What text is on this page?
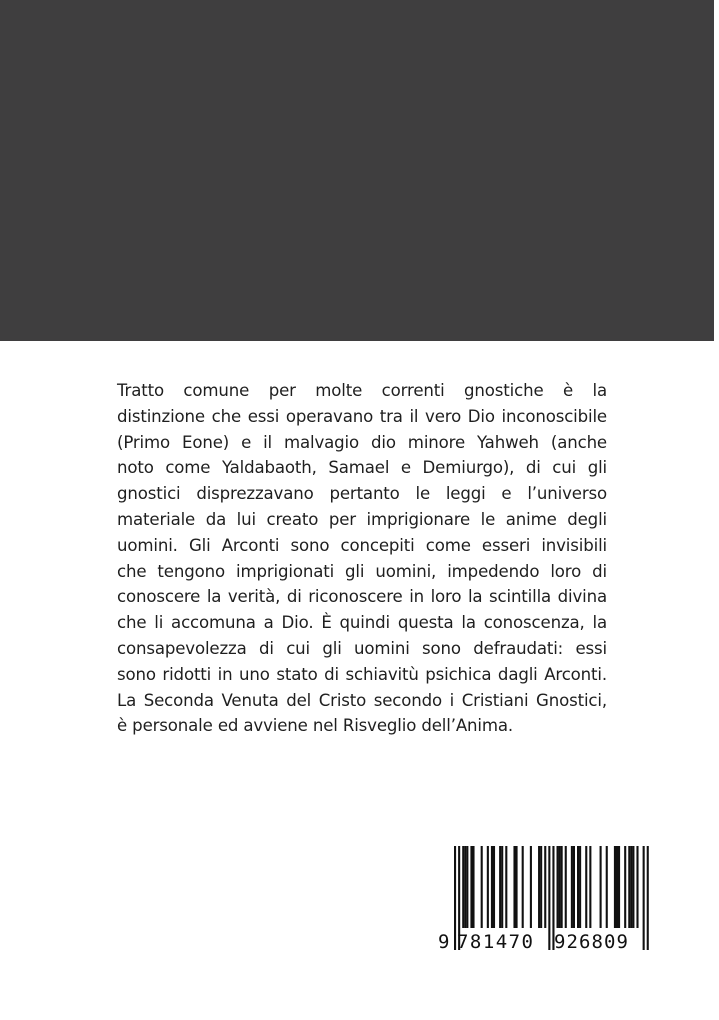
Tratto comune per molte correnti gnostiche è la
distinzione che essi operavano tra il vero Dio inconoscibile
(Primo Eone) e il malvagio dio minore Yahweh (anche
noto come Yaldabaoth, Samael e Demiurgo), di cui gli
gnostici disprezzavano pertanto le leggi e l’universo
materiale da lui creato per imprigionare le anime degli
uomini. Gli Arconti sono concepiti come esseri invisibili
che tengono imprigionati gli uomini, impedendo loro di
conoscere la verità, di riconoscere in loro la scintilla divina
che li accomuna a Dio. È quindi questa la conoscenza, la
consapevolezza di cui gli uomini sono defraudati: essi
sono ridotti in uno stato di schiavitù psichica dagli Arconti.
La Seconda Venuta del Cristo secondo i Cristiani Gnostici,
è personale ed avviene nel Risveglio dell’Anima.
9 781470 926809
